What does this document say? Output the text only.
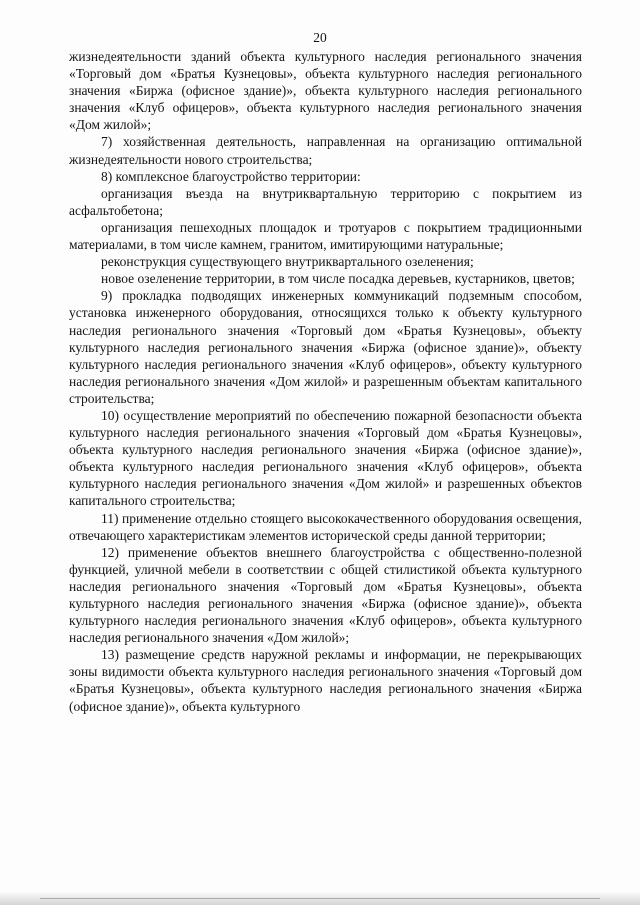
20

жизнедеятельности зданий объекта культурного наследия регионального значения «Торговый дом «Братья Кузнецовы», объекта культурного наследия регионального значения «Биржа (офисное здание)», объекта культурного наследия регионального значения «Клуб офицеров», объекта культурного наследия регионального значения «Дом жилой»;

7) хозяйственная деятельность, направленная на организацию оптимальной жизнедеятельности нового строительства;

8) комплексное благоустройство территории:

организация въезда на внутриквартальную территорию с покрытием из асфальтобетона;

организация пешеходных площадок и тротуаров с покрытием традиционными материалами, в том числе камнем, гранитом, имитирующими натуральные;

реконструкция существующего внутриквартального озеленения;

новое озеленение территории, в том числе посадка деревьев, кустарников, цветов;

9) прокладка подводящих инженерных коммуникаций подземным способом, установка инженерного оборудования, относящихся только к объекту культурного наследия регионального значения «Торговый дом «Братья Кузнецовы», объекту культурного наследия регионального значения «Биржа (офисное здание)», объекту культурного наследия регионального значения «Клуб офицеров», объекту культурного наследия регионального значения «Дом жилой» и разрешенным объектам капитального строительства;

10) осуществление мероприятий по обеспечению пожарной безопасности объекта культурного наследия регионального значения «Торговый дом «Братья Кузнецовы», объекта культурного наследия регионального значения «Биржа (офисное здание)», объекта культурного наследия регионального значения «Клуб офицеров», объекта культурного наследия регионального значения «Дом жилой» и разрешенных объектов капитального строительства;

11) применение отдельно стоящего высококачественного оборудования освещения, отвечающего характеристикам элементов исторической среды данной территории;

12) применение объектов внешнего благоустройства с общественно-полезной функцией, уличной мебели в соответствии с общей стилистикой объекта культурного наследия регионального значения «Торговый дом «Братья Кузнецовы», объекта культурного наследия регионального значения «Биржа (офисное здание)», объекта культурного наследия регионального значения «Клуб офицеров», объекта культурного наследия регионального значения «Дом жилой»;

13) размещение средств наружной рекламы и информации, не перекрывающих зоны видимости объекта культурного наследия регионального значения «Торговый дом «Братья Кузнецовы», объекта культурного наследия регионального значения «Биржа (офисное здание)», объекта культурного
